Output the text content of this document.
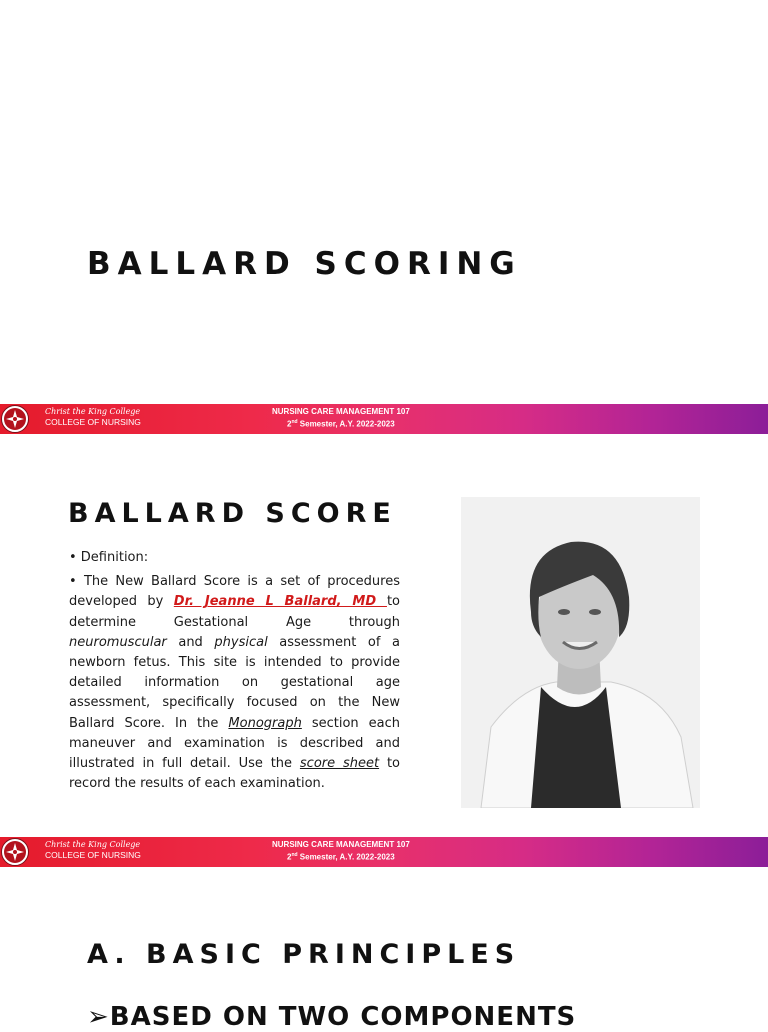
BALLARD SCORING
Christ the King College
COLLEGE OF NURSING
NURSING CARE MANAGEMENT 107
2nd Semester, A.Y. 2022-2023
BALLARD SCORE

• Definition:

• The New Ballard Score is a set of procedures developed by Dr. Jeanne L Ballard, MD to determine Gestational Age through neuromuscular and physical assessment of a newborn fetus. This site is intended to provide detailed information on gestational age assessment, specifically focused on the New Ballard Score. In the Monograph section each maneuver and examination is described and illustrated in full detail. Use the score sheet to record the results of each examination.

Christ the King College
COLLEGE OF NURSING
NURSING CARE MANAGEMENT 107
2nd Semester, A.Y. 2022-2023
A. BASIC PRINCIPLES
➢BASED ON TWO COMPONENTS
